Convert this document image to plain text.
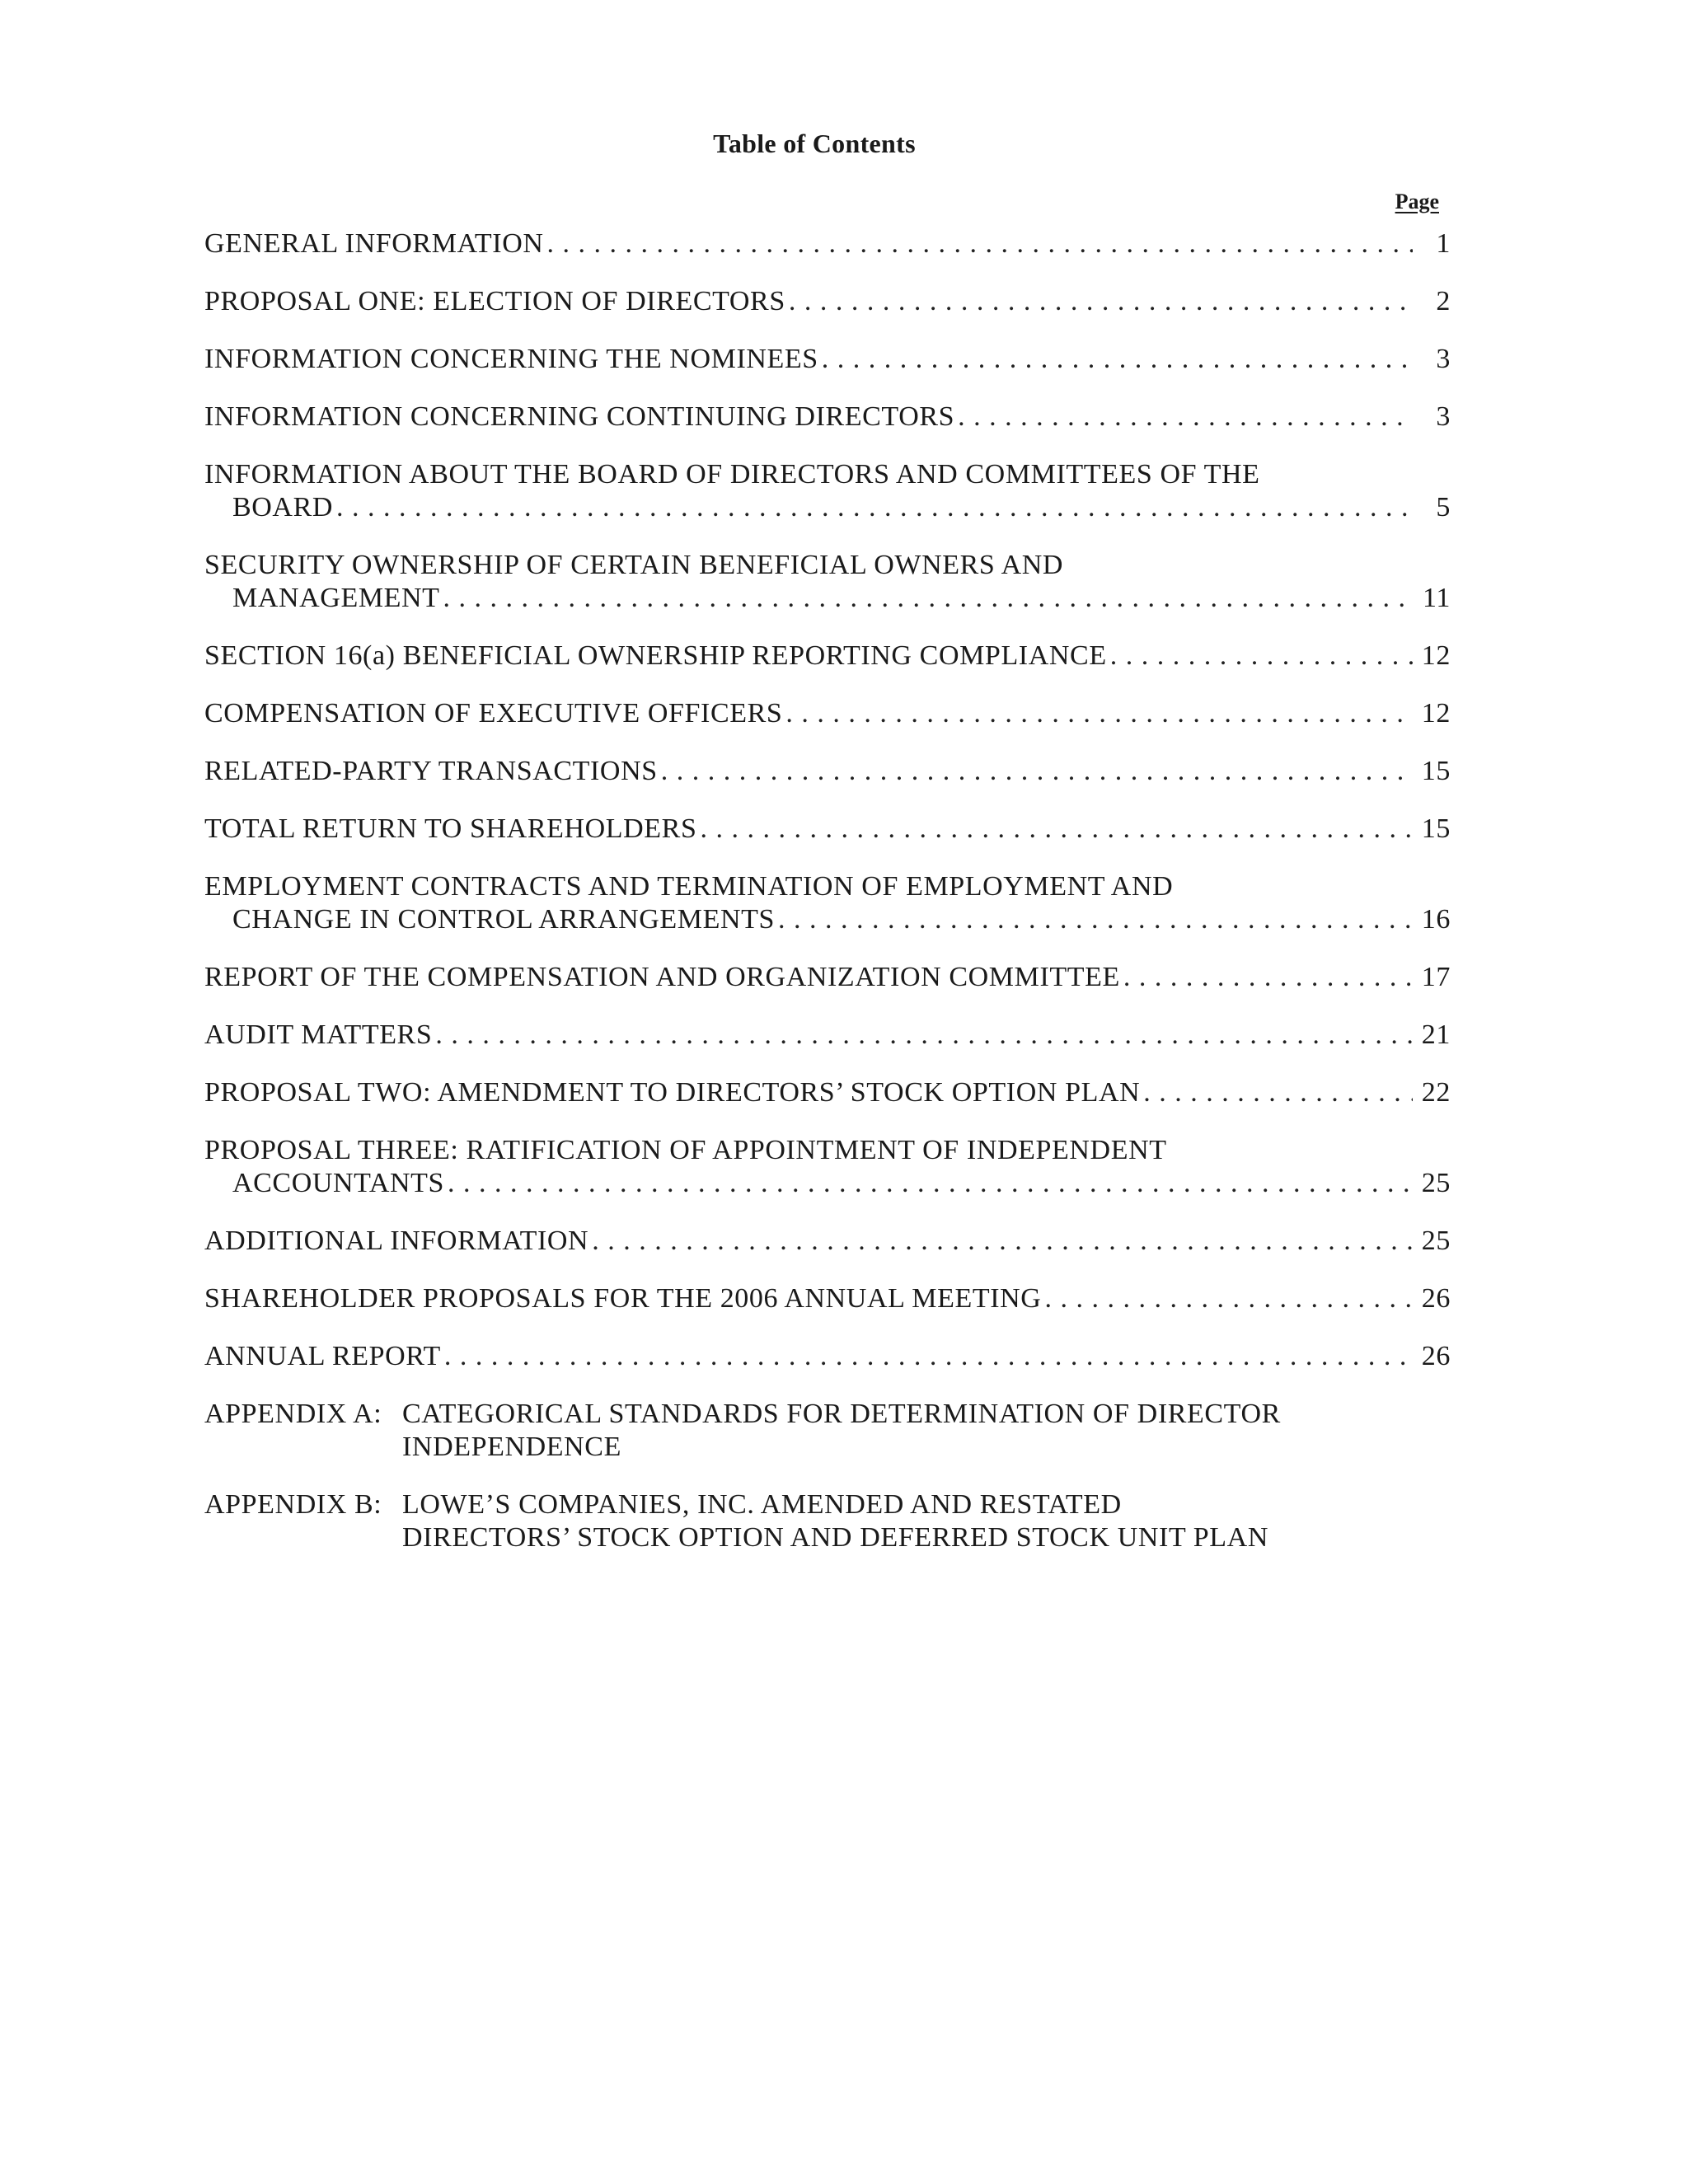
Table of Contents
Page
GENERAL INFORMATION . . .	1
PROPOSAL ONE: ELECTION OF DIRECTORS . . .	2
INFORMATION CONCERNING THE NOMINEES . . .	3
INFORMATION CONCERNING CONTINUING DIRECTORS . . .	3
INFORMATION ABOUT THE BOARD OF DIRECTORS AND COMMITTEES OF THE
BOARD . . .	5
SECURITY OWNERSHIP OF CERTAIN BENEFICIAL OWNERS AND
MANAGEMENT . . .	11
SECTION 16(a) BENEFICIAL OWNERSHIP REPORTING COMPLIANCE . . .	12
COMPENSATION OF EXECUTIVE OFFICERS . . .	12
RELATED-PARTY TRANSACTIONS . . .	15
TOTAL RETURN TO SHAREHOLDERS . . .	15
EMPLOYMENT CONTRACTS AND TERMINATION OF EMPLOYMENT AND
CHANGE IN CONTROL ARRANGEMENTS . . .	16
REPORT OF THE COMPENSATION AND ORGANIZATION COMMITTEE . . .	17
AUDIT MATTERS . . .	21
PROPOSAL TWO: AMENDMENT TO DIRECTORS’ STOCK OPTION PLAN . . .	22
PROPOSAL THREE: RATIFICATION OF APPOINTMENT OF INDEPENDENT
ACCOUNTANTS . . .	25
ADDITIONAL INFORMATION . . .	25
SHAREHOLDER PROPOSALS FOR THE 2006 ANNUAL MEETING . . .	26
ANNUAL REPORT . . .	26
APPENDIX A: CATEGORICAL STANDARDS FOR DETERMINATION OF DIRECTOR
INDEPENDENCE
APPENDIX B: LOWE’S COMPANIES, INC. AMENDED AND RESTATED
DIRECTORS’ STOCK OPTION AND DEFERRED STOCK UNIT PLAN
